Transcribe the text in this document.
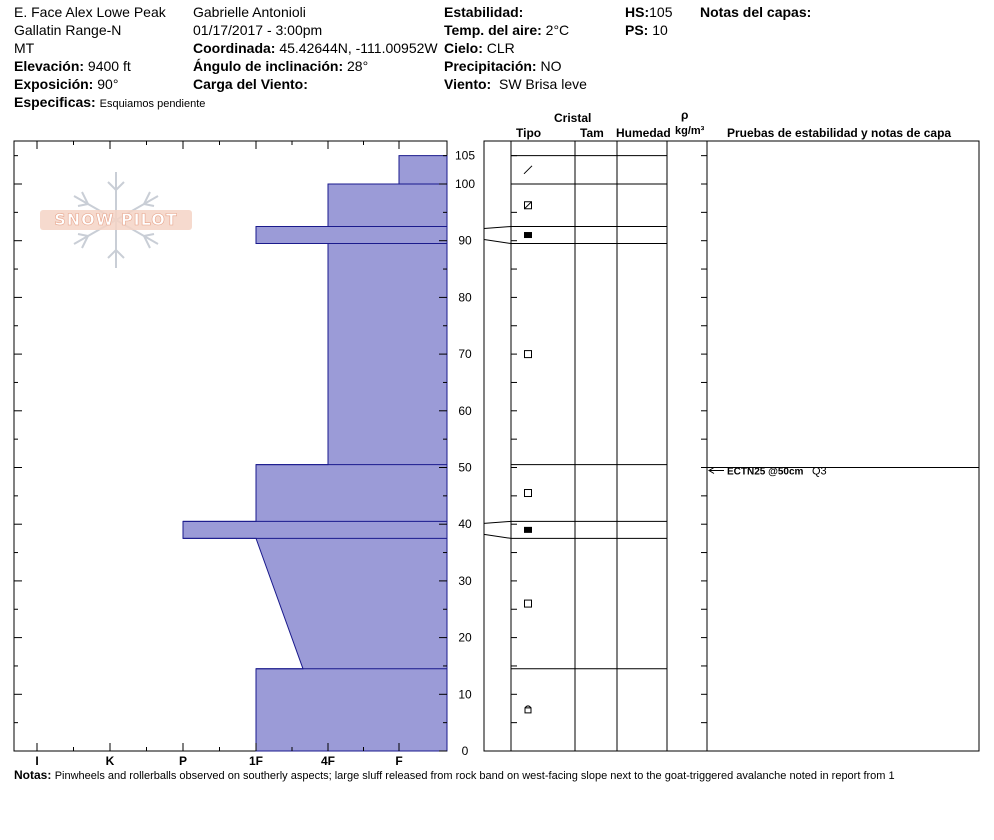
E. Face Alex Lowe Peak
Gallatin Range-N
MT
Elevación: 9400 ft
Exposición: 90°
Especificas: Esquiamos pendiente
Gabrielle Antonioli
01/17/2017 - 3:00pm
Coordinada: 45.42644N, -111.00952W
Ángulo de inclinación: 28°
Carga del Viento:
Estabilidad:
Temp. del aire: 2°C
Cielo: CLR
Precipitación: NO
Viento: SW Brisa leve
HS:105
PS: 10
Notas del capas:
Cristal
Tipo	Tam Humedad
ρ
kg/m³ Pruebas de estabilidad y notas de capa
SNOW PILOT
I	K	P	1F	4F	F
0
10
20
30
40
50
60
70
80
90
100
105
ECTN25 @50cm Q3
Notas: Pinwheels and rollerballs observed on southerly aspects; large sluff released from rock band on west-facing slope next to the goat-triggered avalanche noted in report from 1
